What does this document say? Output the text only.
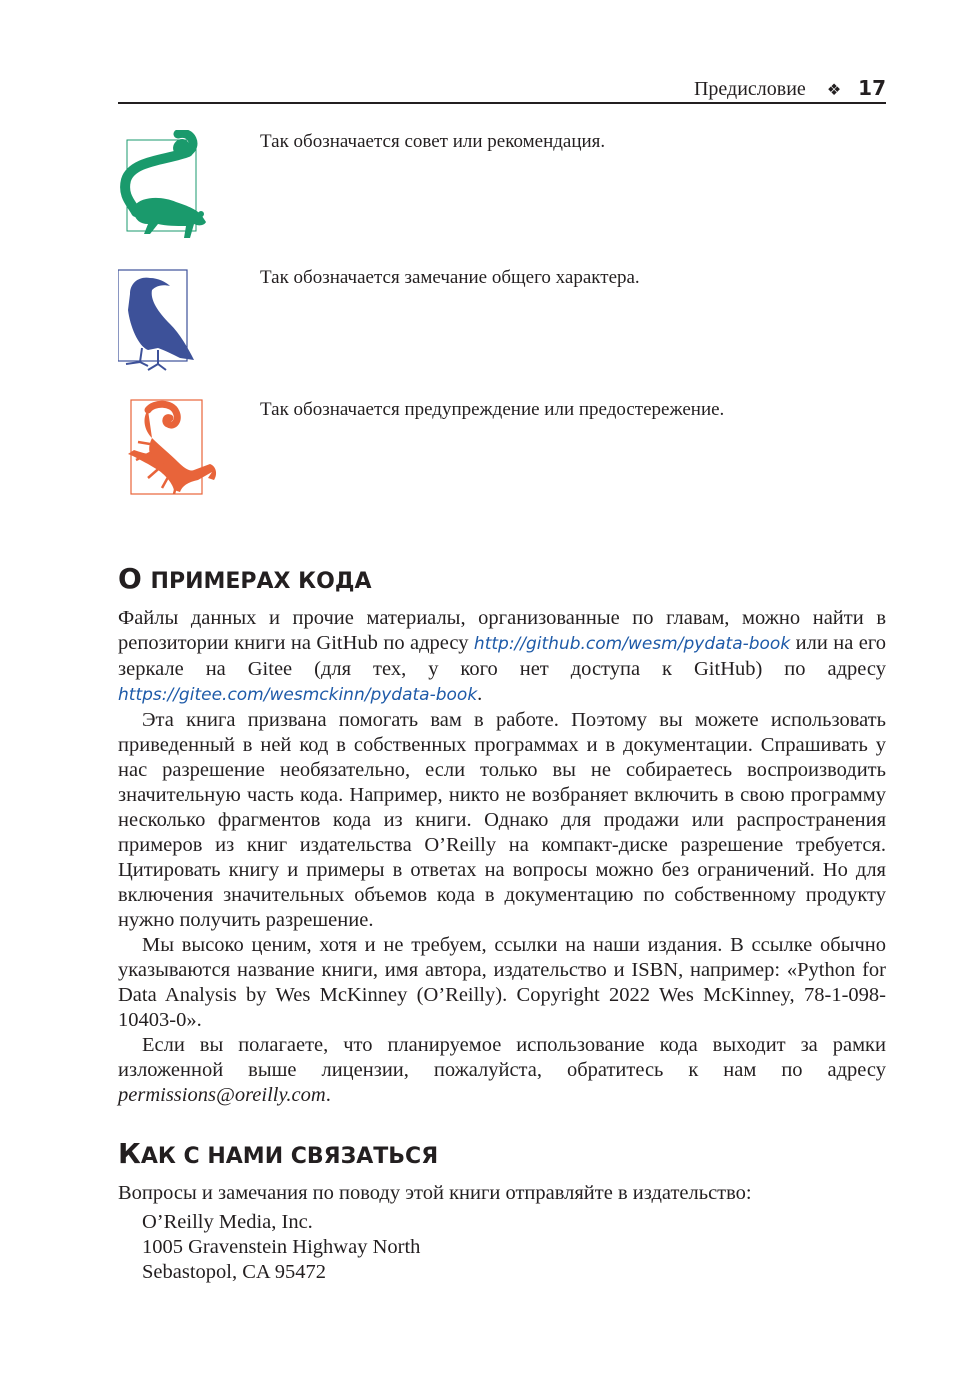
Предисловие ❖ 17
Так обозначается совет или рекомендация.
Так обозначается замечание общего характера.
Так обозначается предупреждение или предостережение.
О ПРИМЕРАХ КОДА

Файлы данных и прочие материалы, организованные по главам, можно найти в репозитории книги на GitHub по адресу http://github.com/wesm/pydata-book или на его зеркале на Gitee (для тех, у кого нет доступа к GitHub) по адресу https://gitee.com/wesmckinn/pydata-book.

Эта книга призвана помогать вам в работе. Поэтому вы можете использовать приведенный в ней код в собственных программах и в документации. Спрашивать у нас разрешение необязательно, если только вы не собираетесь воспроизводить значительную часть кода. Например, никто не возбраняет включить в свою программу несколько фрагментов кода из книги. Однако для продажи или распространения примеров из книг издательства O’Reilly на компакт-диске разрешение требуется. Цитировать книгу и примеры в ответах на вопросы можно без ограничений. Но для включения значительных объемов кода в документацию по собственному продукту нужно получить разрешение.

Мы высоко ценим, хотя и не требуем, ссылки на наши издания. В ссылке обычно указываются название книги, имя автора, издательство и ISBN, например: «Python for Data Analysis by Wes McKinney (O’Reilly). Copyright 2022 Wes McKinney, 78-1-098-10403-0».

Если вы полагаете, что планируемое использование кода выходит за рамки изложенной выше лицензии, пожалуйста, обратитесь к нам по адресу permissions@oreilly.com.

КАК С НАМИ СВЯЗАТЬСЯ

Вопросы и замечания по поводу этой книги отправляйте в издательство:

O’Reilly Media, Inc.
1005 Gravenstein Highway North
Sebastopol, CA 95472
